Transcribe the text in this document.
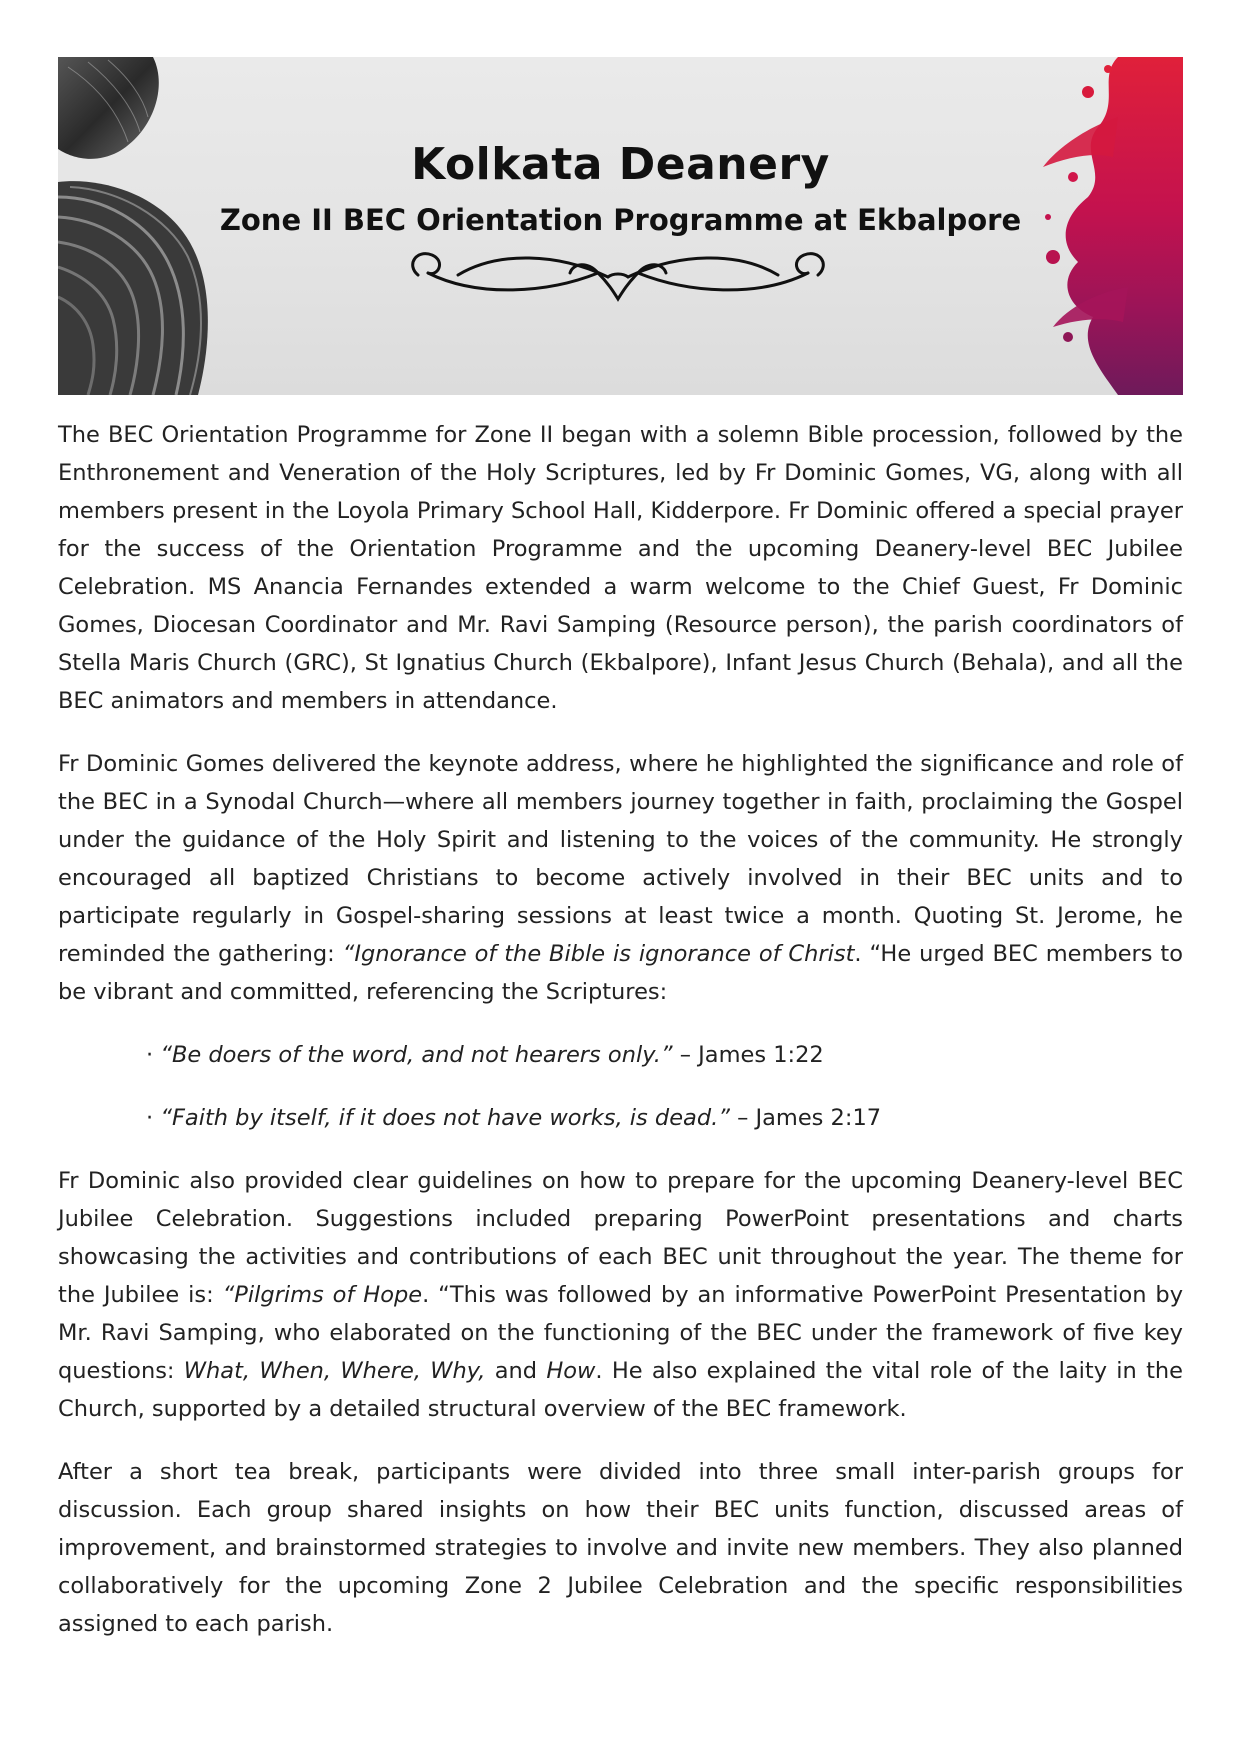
Kolkata Deanery
Zone II BEC Orientation Programme at Ekbalpore

The BEC Orientation Programme for Zone II began with a solemn Bible procession, followed by the Enthronement and Veneration of the Holy Scriptures, led by Fr Dominic Gomes, VG, along with all members present in the Loyola Primary School Hall, Kidderpore. Fr Dominic offered a special prayer for the success of the Orientation Programme and the upcoming Deanery-level BEC Jubilee Celebration. MS Anancia Fernandes extended a warm welcome to the Chief Guest, Fr Dominic Gomes, Diocesan Coordinator and Mr. Ravi Samping (Resource person), the parish coordinators of Stella Maris Church (GRC), St Ignatius Church (Ekbalpore), Infant Jesus Church (Behala), and all the BEC animators and members in attendance.

Fr Dominic Gomes delivered the keynote address, where he highlighted the significance and role of the BEC in a Synodal Church—where all members journey together in faith, proclaiming the Gospel under the guidance of the Holy Spirit and listening to the voices of the community. He strongly encouraged all baptized Christians to become actively involved in their BEC units and to participate regularly in Gospel-sharing sessions at least twice a month. Quoting St. Jerome, he reminded the gathering: “Ignorance of the Bible is ignorance of Christ. “He urged BEC members to be vibrant and committed, referencing the Scriptures:

· “Be doers of the word, and not hearers only.” – James 1:22

· “Faith by itself, if it does not have works, is dead.” – James 2:17

Fr Dominic also provided clear guidelines on how to prepare for the upcoming Deanery-level BEC Jubilee Celebration. Suggestions included preparing PowerPoint presentations and charts showcasing the activities and contributions of each BEC unit throughout the year. The theme for the Jubilee is: “Pilgrims of Hope. “This was followed by an informative PowerPoint Presentation by Mr. Ravi Samping, who elaborated on the functioning of the BEC under the framework of five key questions: What, When, Where, Why, and How. He also explained the vital role of the laity in the Church, supported by a detailed structural overview of the BEC framework.

After a short tea break, participants were divided into three small inter-parish groups for discussion. Each group shared insights on how their BEC units function, discussed areas of improvement, and brainstormed strategies to involve and invite new members. They also planned collaboratively for the upcoming Zone 2 Jubilee Celebration and the specific responsibilities assigned to each parish.
